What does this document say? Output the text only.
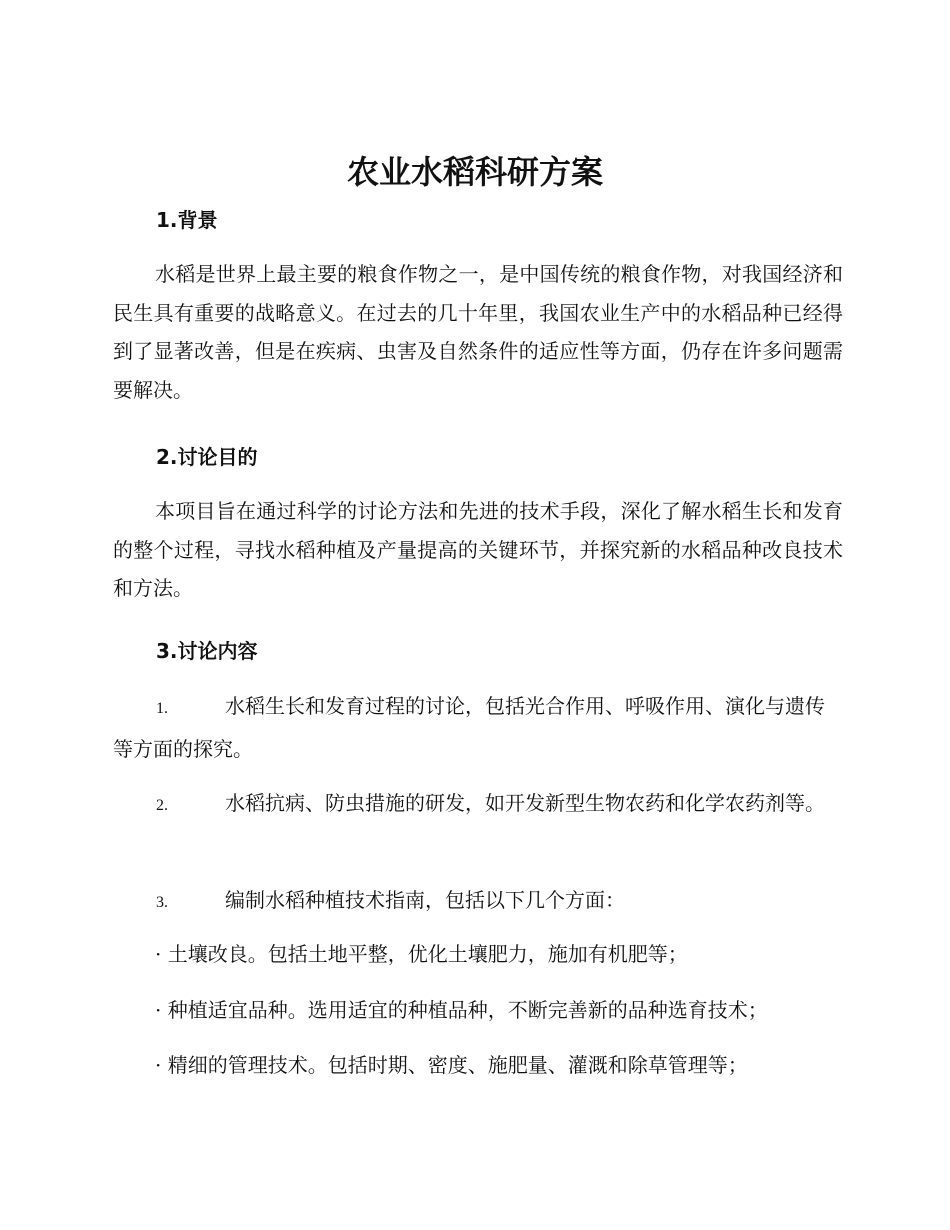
农业水稻科研方案
1.背景

水稻是世界上最主要的粮食作物之一，是中国传统的粮食作物，对我国经济和民生具有重要的战略意义。在过去的几十年里，我国农业生产中的水稻品种已经得到了显著改善，但是在疾病、虫害及自然条件的适应性等方面，仍存在许多问题需要解决。

2.讨论目的

本项目旨在通过科学的讨论方法和先进的技术手段，深化了解水稻生长和发育的整个过程，寻找水稻种植及产量提高的关键环节，并探究新的水稻品种改良技术和方法。

3.讨论内容
1.	水稻生长和发育过程的讨论，包括光合作用、呼吸作用、演化与遗传等方面的探究。
2.	水稻抗病、防虫措施的研发，如开发新型生物农药和化学农药剂等。
3.	编制水稻种植技术指南，包括以下几个方面：

· 土壤改良。包括土地平整，优化土壤肥力，施加有机肥等；

· 种植适宜品种。选用适宜的种植品种，不断完善新的品种选育技术；

· 精细的管理技术。包括时期、密度、施肥量、灌溉和除草管理等；
